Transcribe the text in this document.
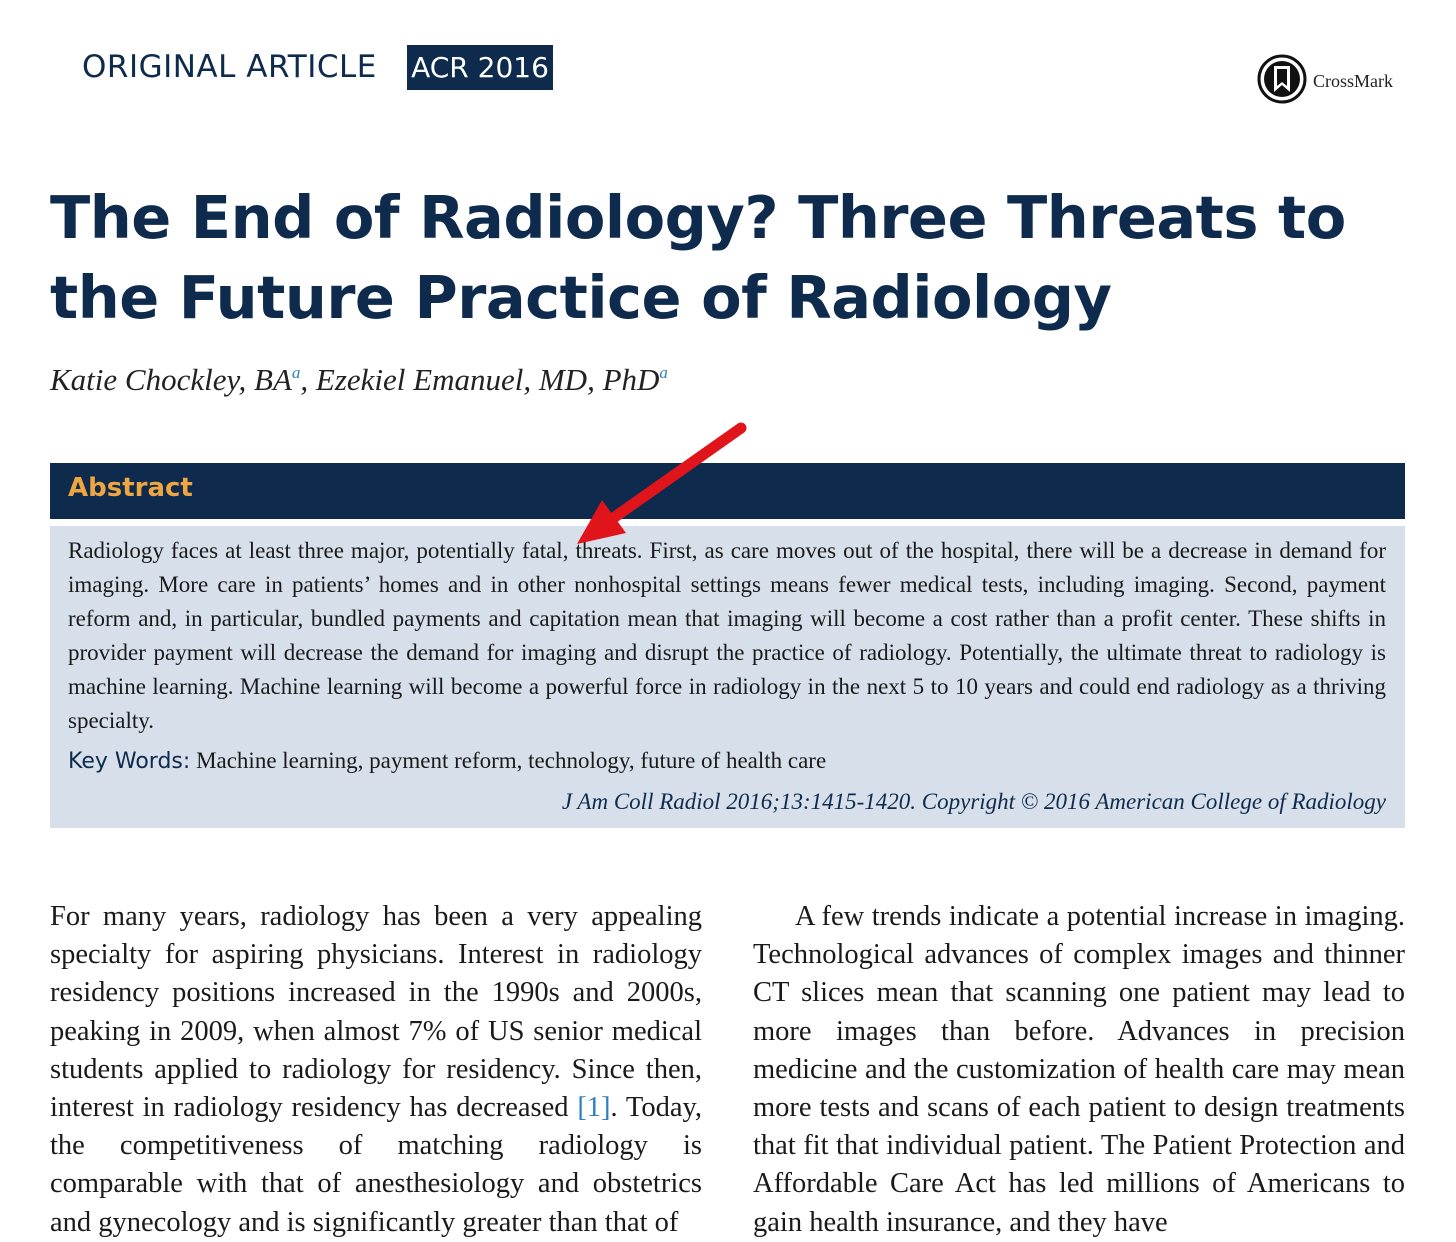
ORIGINAL ARTICLE ACR 2016	CrossMark
The End of Radiology? Three Threats to
the Future Practice of Radiology
Katie Chockley, $BA^a$, Ezekiel Emanuel, MD, PhD$^a$
Abstract

Radiology faces at least three major, potentially fatal, threats. First, as care moves out of the hospital, there will be a decrease in demand for imaging. More care in patients’ homes and in other nonhospital settings means fewer medical tests, including imaging. Second, payment reform and, in particular, bundled payments and capitation mean that imaging will become a cost rather than a profit center. These shifts in provider payment will decrease the demand for imaging and disrupt the practice of radiology. Potentially, the ultimate threat to radiology is machine learning. Machine learning will become a powerful force in radiology in the next 5 to 10 years and could end radiology as a thriving specialty.

Key Words: Machine learning, payment reform, technology, future of health care
J Am Coll Radiol 2016;13:1415-1420. Copyright © 2016 American College of Radiology

For many years, radiology has been a very appealing specialty for aspiring physicians. Interest in radiology residency positions increased in the 1990s and 2000s, peaking in 2009, when almost 7% of US senior medical students applied to radiology for residency. Since then, interest in radiology residency has decreased [1]. Today, the competitiveness of matching radiology is comparable with that of anesthesiology and obstetrics and gynecology and is significantly greater than that of

A few trends indicate a potential increase in imaging. Technological advances of complex images and thinner CT slices mean that scanning one patient may lead to more images than before. Advances in precision medicine and the customization of health care may mean more tests and scans of each patient to design treatments that fit that individual patient. The Patient Protection and Affordable Care Act has led millions of Americans to gain health insurance, and they have
